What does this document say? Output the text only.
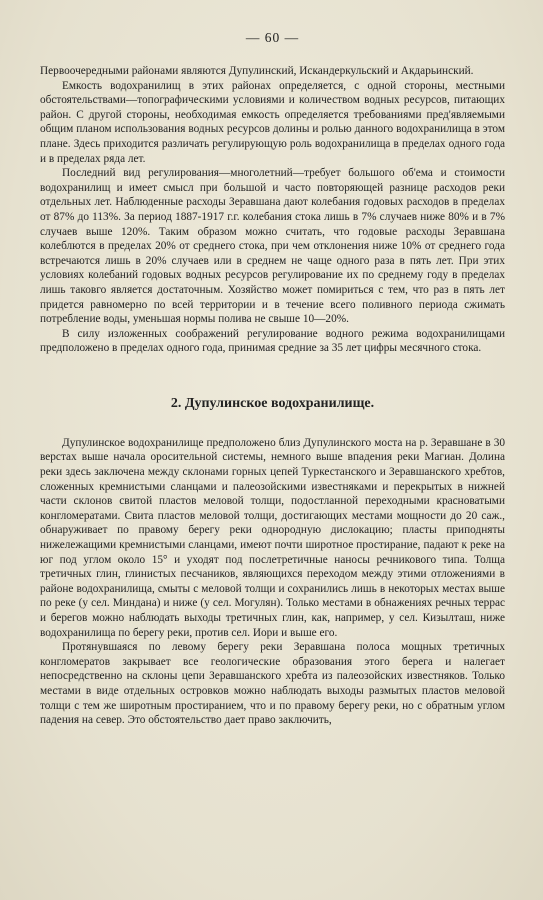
— 60 —

Первоочередными районами являются Дупулинский, Искандеркульский и Акдарьинский.

Емкость водохранилищ в этих районах определяется, с одной стороны, местными обстоятельствами—топографическими условиями и количеством водных ресурсов, питающих район. С другой стороны, необходимая емкость определяется требованиями пред'являемыми общим планом использования водных ресурсов долины и ролью данного водохранилища в этом плане. Здесь приходится различать регулирующую роль водохранилища в пределах одного года и в пределах ряда лет.

Последний вид регулирования—многолетний—требует большого об'ема и стоимости водохранилищ и имеет смысл при большой и часто повторяющей разнице расходов реки отдельных лет. Наблюденные расходы Зеравшана дают колебания годовых расходов в пределах от 87% до 113%. За период 1887-1917 г.г. колебания стока лишь в 7% случаев ниже 80% и в 7% случаев выше 120%. Таким образом можно считать, что годовые расходы Зеравшана колеблются в пределах 20% от среднего стока, при чем отклонения ниже 10% от среднего года встречаются лишь в 20% случаев или в среднем не чаще одного раза в пять лет. При этих условиях колебаний годовых водных ресурсов регулирование их по среднему году в пределах лишь таковго является достаточным. Хозяйство может помириться с тем, что раз в пять лет придется равномерно по всей территории и в течение всего поливного периода сжимать потребление воды, уменьшая нормы полива не свыше 10—20%.

В силу изложенных соображений регулирование водного режима водохранилищами предположено в пределах одного года, принимая средние за 35 лет цифры месячного стока.

2. Дупулинское водохранилище.

Дупулинское водохранилище предположено близ Дупулинского моста на р. Зеравшане в 30 верстах выше начала оросительной системы, немного выше впадения реки Магиан. Долина реки здесь заключена между склонами горных цепей Туркестанского и Зеравшанского хребтов, сложенных кремнистыми сланцами и палеозойскими известняками и перекрытых в нижней части склонов свитой пластов меловой толщи, подостланной переходными красноватыми конгломератами. Свита пластов меловой толщи, достигающих местами мощности до 20 саж., обнаруживает по правому берегу реки однородную дислокацию; пласты приподняты нижележащими кремнистыми сланцами, имеют почти широтное простирание, падают к реке на юг под углом около 15° и уходят под послетретичные наносы речникового типа. Толща третичных глин, глинистых песчаников, являющихся переходом между этими отложениями в районе водохранилища, смыты с меловой толщи и сохранились лишь в некоторых местах выше по реке (у сел. Миндана) и ниже (у сел. Могулян). Только местами в обнажениях речных террас и берегов можно наблюдать выходы третичных глин, как, например, у сел. Кизылташ, ниже водохранилища по берегу реки, против сел. Иори и выше его.

Протянувшаяся по левому берегу реки Зеравшана полоса мощных третичных конгломератов закрывает все геологические образования этого берега и налегает непосредственно на склоны цепи Зеравшанского хребта из палеозойских известняков. Только местами в виде отдельных островков можно наблюдать выходы размытых пластов меловой толщи с тем же широтным простиранием, что и по правому берегу реки, но с обратным углом падения на север. Это обстоятельство дает право заключить,
